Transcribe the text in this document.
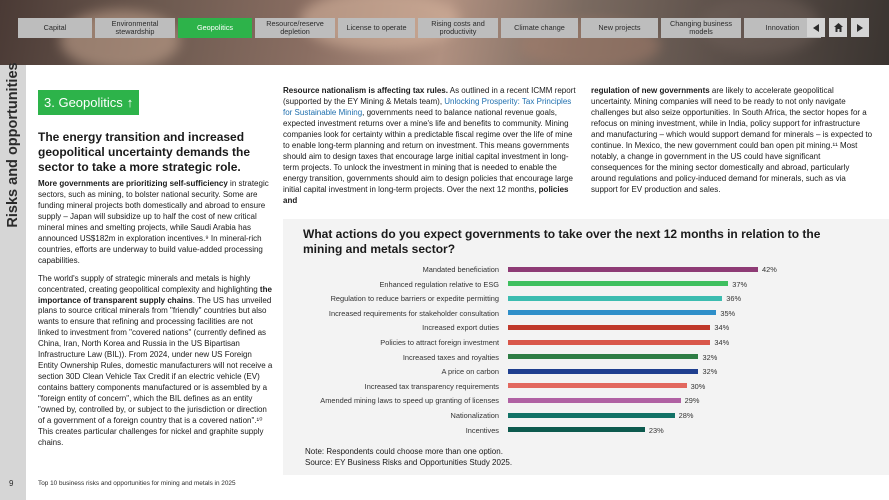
Capital	Environmental stewardship	Geopolitics	Resource/reserve depletion	License to operate	Rising costs and productivity	Climate change	New projects	Changing business models	Innovation
Risks and opportunities 3. Geopolitics ↑
The energy transition and increased geopolitical uncertainty demands the sector to take a more strategic role.

More governments are prioritizing self-sufficiency in strategic sectors, such as mining, to bolster national security. Some are funding mineral projects both domestically and abroad to ensure supply – Japan will subsidize up to half the cost of new critical mineral mines and smelting projects, while Saudi Arabia has announced US$182m in exploration incentives.⁹ In mineral-rich countries, efforts are underway to build value-added processing capabilities.

The world's supply of strategic minerals and metals is highly concentrated, creating geopolitical complexity and highlighting the importance of transparent supply chains. The US has unveiled plans to source critical minerals from "friendly" countries but also wants to ensure that refining and processing facilities are not linked to investment from "covered nations" (currently defined as China, Iran, North Korea and Russia in the US Bipartisan Infrastructure Law (BIL)). From 2024, under new US Foreign Entity Ownership Rules, domestic manufacturers will not receive a section 30D Clean Vehicle Tax Credit if an electric vehicle (EV) contains battery components manufactured or is assembled by a "foreign entity of concern", which the BIL defines as an entity "owned by, controlled by, or subject to the jurisdiction or direction of a government of a foreign country that is a covered nation".¹⁰ This creates particular challenges for nickel and graphite supply chains.

Resource nationalism is affecting tax rules. As outlined in a recent ICMM report (supported by the EY Mining & Metals team), Unlocking Prosperity: Tax Principles for Sustainable Mining, governments need to balance national revenue goals, expected investment returns over a mine's life and benefits to community. Mining companies look for certainty within a predictable fiscal regime over the life of mine to enable long-term planning and return on investment. This means governments should aim to design taxes that encourage large initial capital investment in long-term projects. To unlock the investment in mining that is needed to enable the energy transition, governments should aim to design policies that encourage large initial capital investment in long-term projects. Over the next 12 months, policies and

regulation of new governments are likely to accelerate geopolitical uncertainty. Mining companies will need to be ready to not only navigate challenges but also seize opportunities. In South Africa, the sector hopes for a refocus on mining investment, while in India, policy support for infrastructure and manufacturing – which would support demand for minerals – is expected to continue. In Mexico, the new government could ban open pit mining.¹¹ Most notably, a change in government in the US could have significant consequences for the mining sector domestically and abroad, particularly around regulations and policy-induced demand for minerals, such as via support for EV production and sales.

What actions do you expect governments to take over the next 12 months in relation to the mining and metals sector?
Mandated beneficiation	42%
Enhanced regulation relative to ESG	37%
Regulation to reduce barriers or expedite permitting	36%
Increased requirements for stakeholder consultation	35%
Increased export duties	34%
Policies to attract foreign investment	34%
Increased taxes and royalties	32%
A price on carbon	32%
Increased tax transparency requirements	30%
Amended mining laws to speed up granting of licenses	29%
Nationalization	28%
Incentives	23%
Note: Respondents could choose more than one option.
Source: EY Business Risks and Opportunities Study 2025.
9	Top 10 business risks and opportunities for mining and metals in 2025
